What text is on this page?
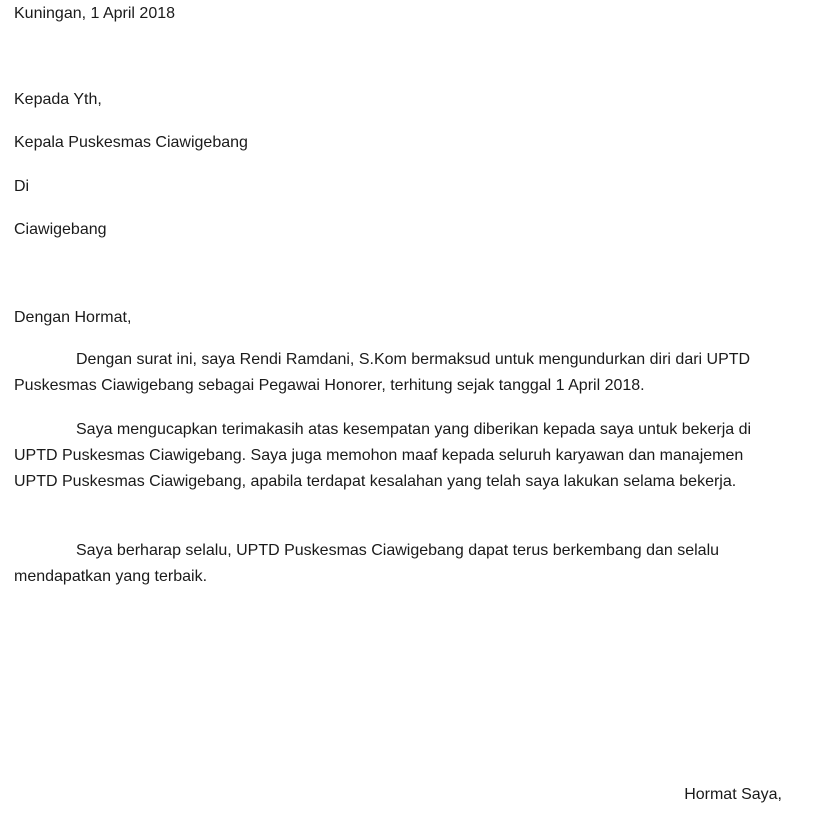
Kuningan, 1 April 2018

Kepada Yth,

Kepala Puskesmas Ciawigebang

Di

Ciawigebang

Dengan Hormat,

Dengan surat ini, saya Rendi Ramdani, S.Kom bermaksud untuk mengundurkan diri dari UPTD Puskesmas Ciawigebang sebagai Pegawai Honorer, terhitung sejak tanggal 1 April 2018.

Saya mengucapkan terimakasih atas kesempatan yang diberikan kepada saya untuk bekerja di UPTD Puskesmas Ciawigebang. Saya juga memohon maaf kepada seluruh karyawan dan manajemen UPTD Puskesmas Ciawigebang, apabila terdapat kesalahan yang telah saya lakukan selama bekerja.

Saya berharap selalu, UPTD Puskesmas Ciawigebang dapat terus berkembang dan selalu mendapatkan yang terbaik.

Hormat Saya,
